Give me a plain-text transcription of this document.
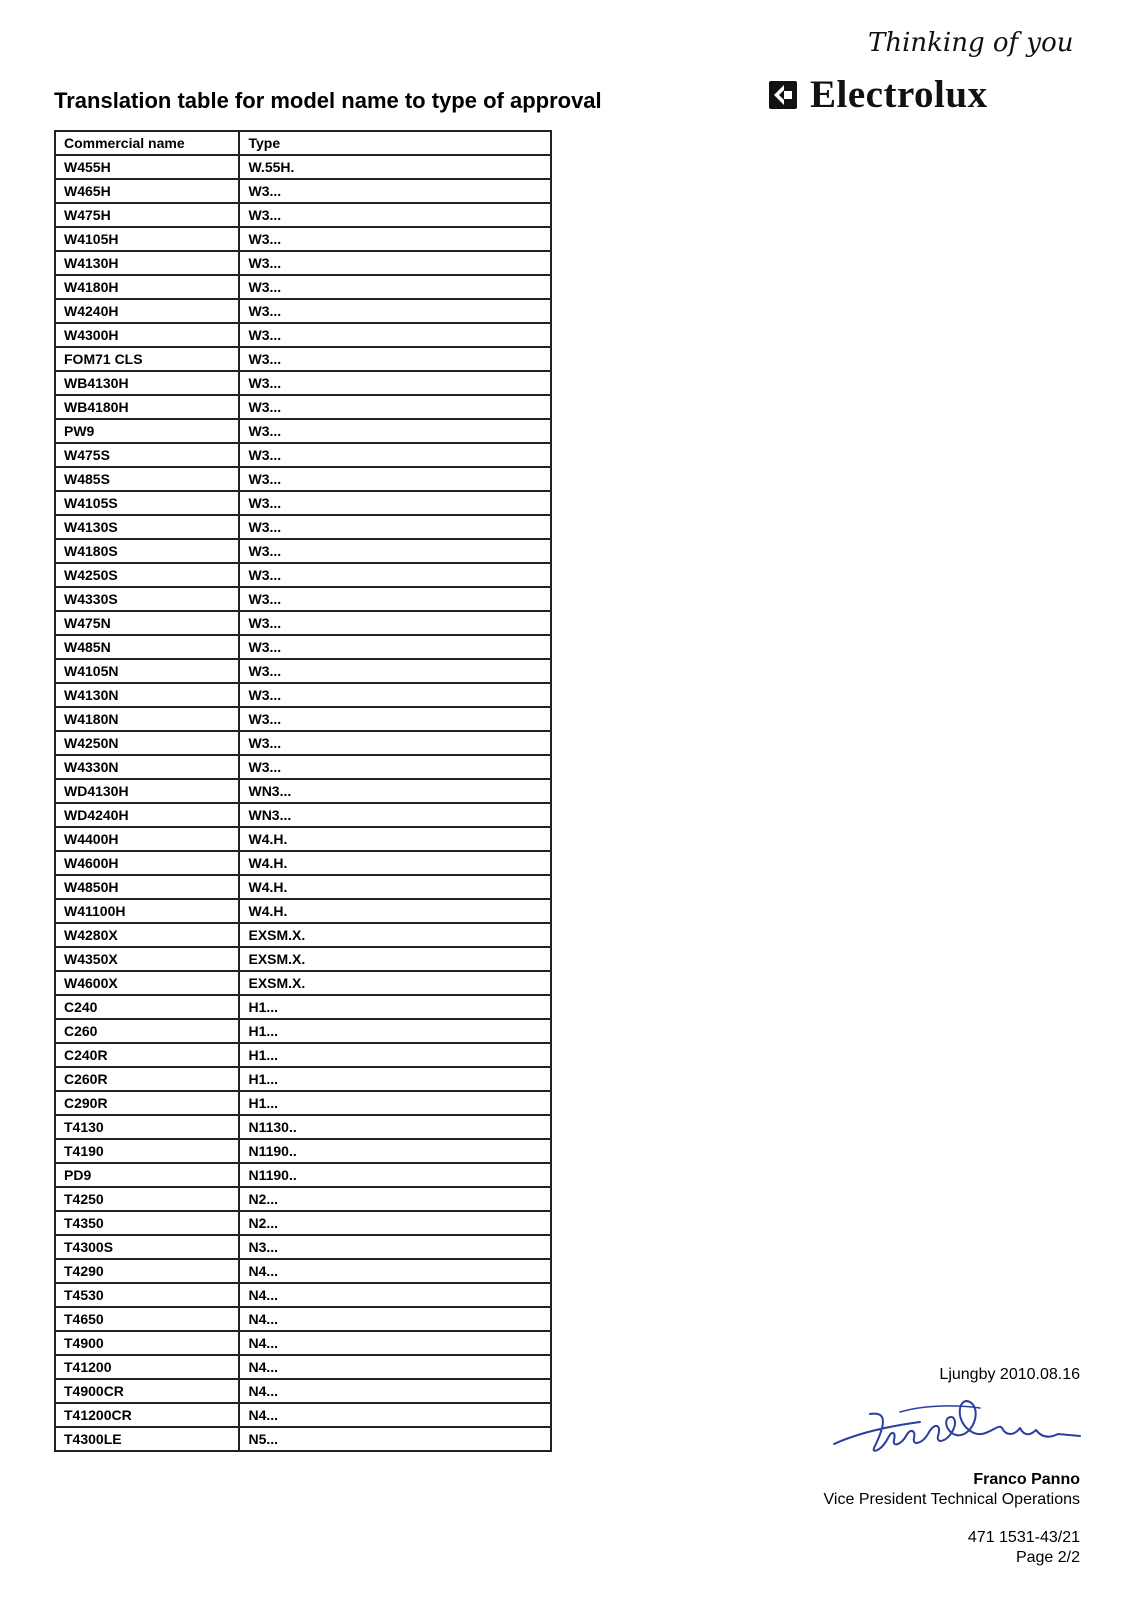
Translation table for model name to type of approval
Thinking of you
Electrolux
Commercial name	Type
W455H	W.55H.
W465H	W3...
W475H	W3...
W4105H	W3...
W4130H	W3...
W4180H	W3...
W4240H	W3...
W4300H	W3...
FOM71 CLS	W3...
WB4130H	W3...
WB4180H	W3...
PW9	W3...
W475S	W3...
W485S	W3...
W4105S	W3...
W4130S	W3...
W4180S	W3...
W4250S	W3...
W4330S	W3...
W475N	W3...
W485N	W3...
W4105N	W3...
W4130N	W3...
W4180N	W3...
W4250N	W3...
W4330N	W3...
WD4130H	WN3...
WD4240H	WN3...
W4400H	W4.H.
W4600H	W4.H.
W4850H	W4.H.
W41100H	W4.H.
W4280X	EXSM.X.
W4350X	EXSM.X.
W4600X	EXSM.X.
C240	H1...
C260	H1...
C240R	H1...
C260R	H1...
C290R	H1...
T4130	N1130..
T4190	N1190..
PD9	N1190..
T4250	N2...
T4350	N2...
T4300S	N3...
T4290	N4...
T4530	N4...
T4650	N4...
T4900	N4...
T41200	N4...
T4900CR	N4...
T41200CR	N4...
T4300LE	N5...
Ljungby 2010.08.16
Franco Panno
Vice President Technical Operations
471 1531-43/21
Page 2/2
